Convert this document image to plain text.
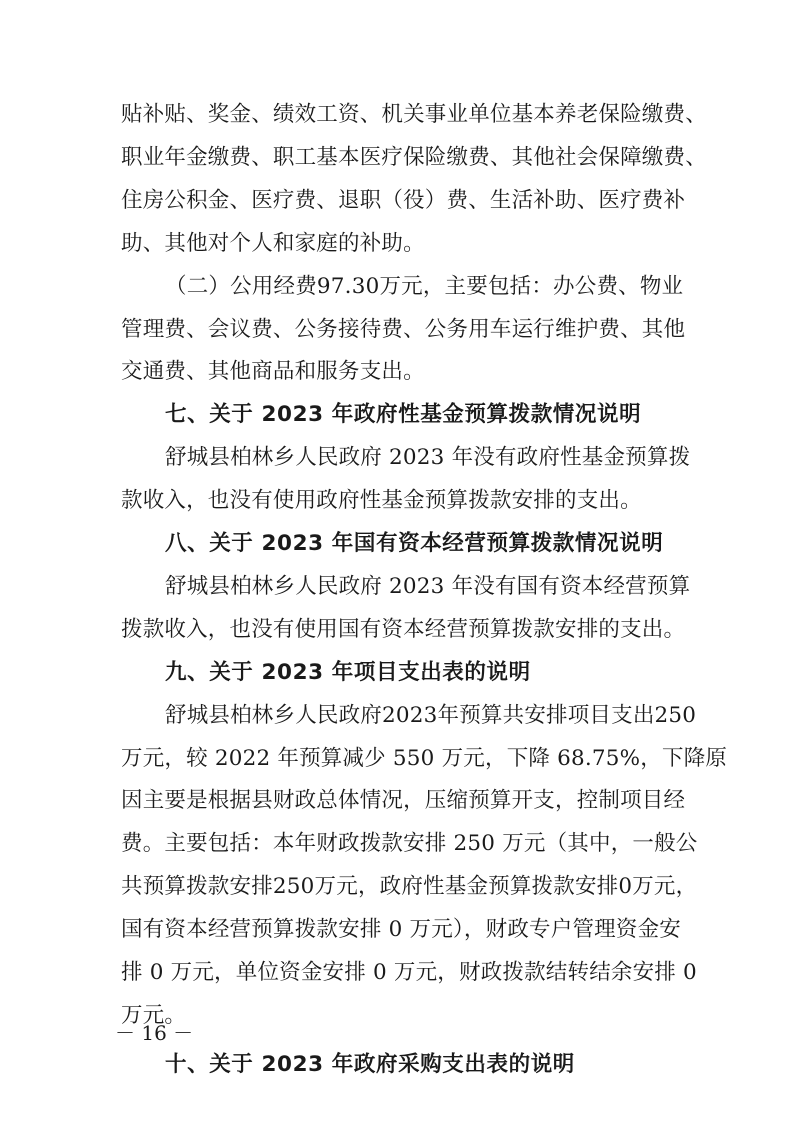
贴补贴、奖金、绩效工资、机关事业单位基本养老保险缴费、
职业年金缴费、职工基本医疗保险缴费、其他社会保障缴费、
住房公积金、医疗费、退职（役）费、生活补助、医疗费补
助、其他对个人和家庭的补助。
（二）公用经费97.30万元，主要包括：办公费、物业
管理费、会议费、公务接待费、公务用车运行维护费、其他
交通费、其他商品和服务支出。
七、关于 2023 年政府性基金预算拨款情况说明
舒城县柏林乡人民政府 2023 年没有政府性基金预算拨
款收入，也没有使用政府性基金预算拨款安排的支出。
八、关于 2023 年国有资本经营预算拨款情况说明
舒城县柏林乡人民政府 2023 年没有国有资本经营预算
拨款收入，也没有使用国有资本经营预算拨款安排的支出。
九、关于 2023 年项目支出表的说明
舒城县柏林乡人民政府2023年预算共安排项目支出250
万元，较 2022 年预算减少 550 万元，下降 68.75%，下降原
因主要是根据县财政总体情况，压缩预算开支，控制项目经
费。主要包括：本年财政拨款安排 250 万元（其中，一般公
共预算拨款安排250万元，政府性基金预算拨款安排0万元，
国有资本经营预算拨款安排 0 万元），财政专户管理资金安
排 0 万元，单位资金安排 0 万元，财政拨款结转结余安排 0
万元。
十、关于 2023 年政府采购支出表的说明
－ 16 －
